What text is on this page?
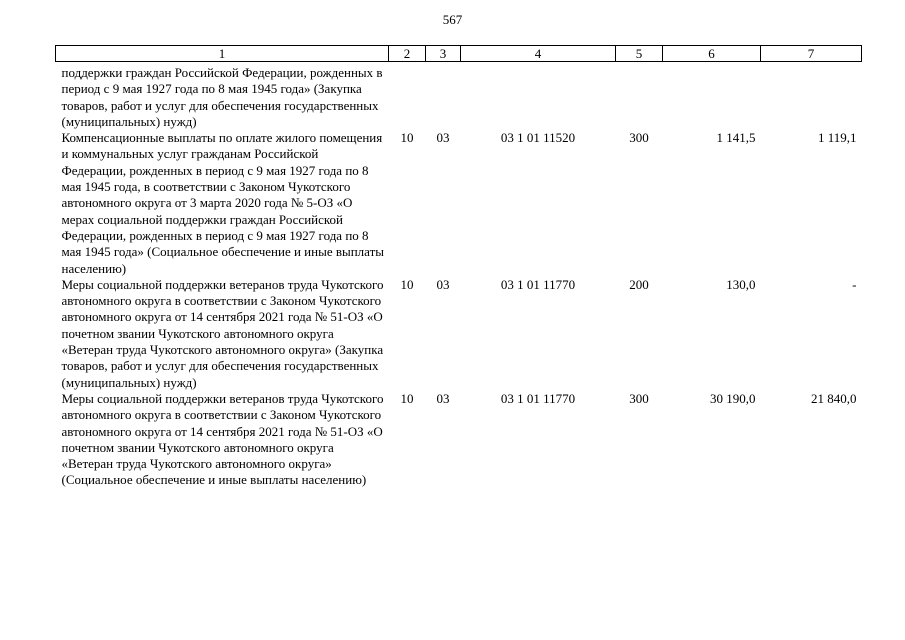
567
1	2	3	4	5	6	7
поддержки граждан Российской Федерации, рожденных в период с 9 мая 1927 года по 8 мая 1945 года» (Закупка товаров, работ и услуг для обеспечения государственных (муниципальных) нужд)						
Компенсационные выплаты по оплате жилого помещения и коммунальных услуг гражданам Российской Федерации, рожденных в период с 9 мая 1927 года по 8 мая 1945 года, в соответствии с Законом Чукотского автономного округа от 3 марта 2020 года № 5-ОЗ «О мерах социальной поддержки граждан Российской Федерации, рожденных в период с 9 мая 1927 года по 8 мая 1945 года» (Социальное обеспечение и иные выплаты населению)	10	03	03 1 01 11520	300	1 141,5	1 119,1
Меры социальной поддержки ветеранов труда Чукотского автономного округа в соответствии с Законом Чукотского автономного округа от 14 сентября 2021 года № 51-ОЗ «О почетном звании Чукотского автономного округа «Ветеран труда Чукотского автономного округа» (Закупка товаров, работ и услуг для обеспечения государственных (муниципальных) нужд)	10	03	03 1 01 11770	200	130,0	-
Меры социальной поддержки ветеранов труда Чукотского автономного округа в соответствии с Законом Чукотского автономного округа от 14 сентября 2021 года № 51-ОЗ «О почетном звании Чукотского автономного округа «Ветеран труда Чукотского автономного округа» (Социальное обеспечение и иные выплаты населению)	10	03	03 1 01 11770	300	30 190,0	21 840,0
